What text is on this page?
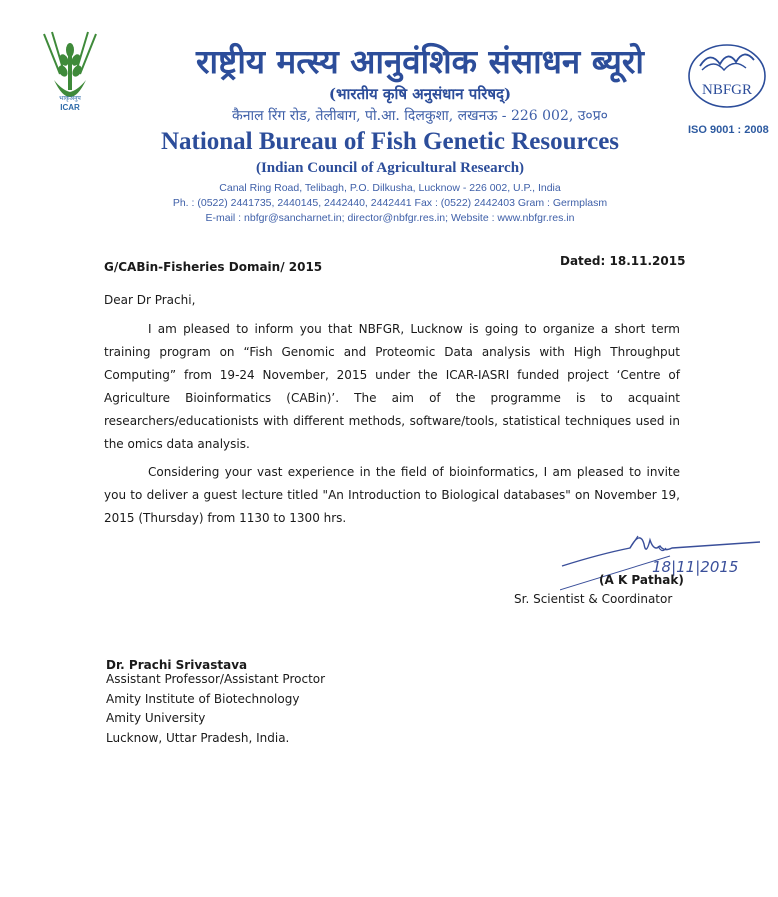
भाकृअनुप
ICAR
राष्ट्रीय मत्स्य आनुवंशिक संसाधन ब्यूरो
(भारतीय कृषि अनुसंधान परिषद्)
कैनाल रिंग रोड, तेलीबाग, पो.आ. दिलकुशा, लखनऊ - 226 002, उ०प्र०
National Bureau of Fish Genetic Resources
(Indian Council of Agricultural Research)
Canal Ring Road, Telibagh, P.O. Dilkusha, Lucknow - 226 002, U.P., India
Ph. : (0522) 2441735, 2440145, 2442440, 2442441 Fax : (0522) 2442403 Gram : Germplasm
E-mail : nbfgr@sancharnet.in; director@nbfgr.res.in; Website : www.nbfgr.res.in
NBFGR
ISO 9001 : 2008
G/CABin-Fisheries Domain/ 2015	Dated: 18.11.2015
Dear Dr Prachi,
I am pleased to inform you that NBFGR, Lucknow is going to organize a short term training program on “Fish Genomic and Proteomic Data analysis with High Throughput Computing” from 19-24 November, 2015 under the ICAR-IASRI funded project ‘Centre of Agriculture Bioinformatics (CABin)’. The aim of the programme is to acquaint researchers/educationists with different methods, software/tools, statistical techniques used in the omics data analysis.
Considering your vast experience in the field of bioinformatics, I am pleased to invite you to deliver a guest lecture titled "An Introduction to Biological databases" on November 19, 2015 (Thursday) from 1130 to 1300 hrs.
18|11|2015
(A K Pathak)
Sr. Scientist & Coordinator
Dr. Prachi Srivastava
Assistant Professor/Assistant Proctor
Amity Institute of Biotechnology
Amity University
Lucknow, Uttar Pradesh, India.
